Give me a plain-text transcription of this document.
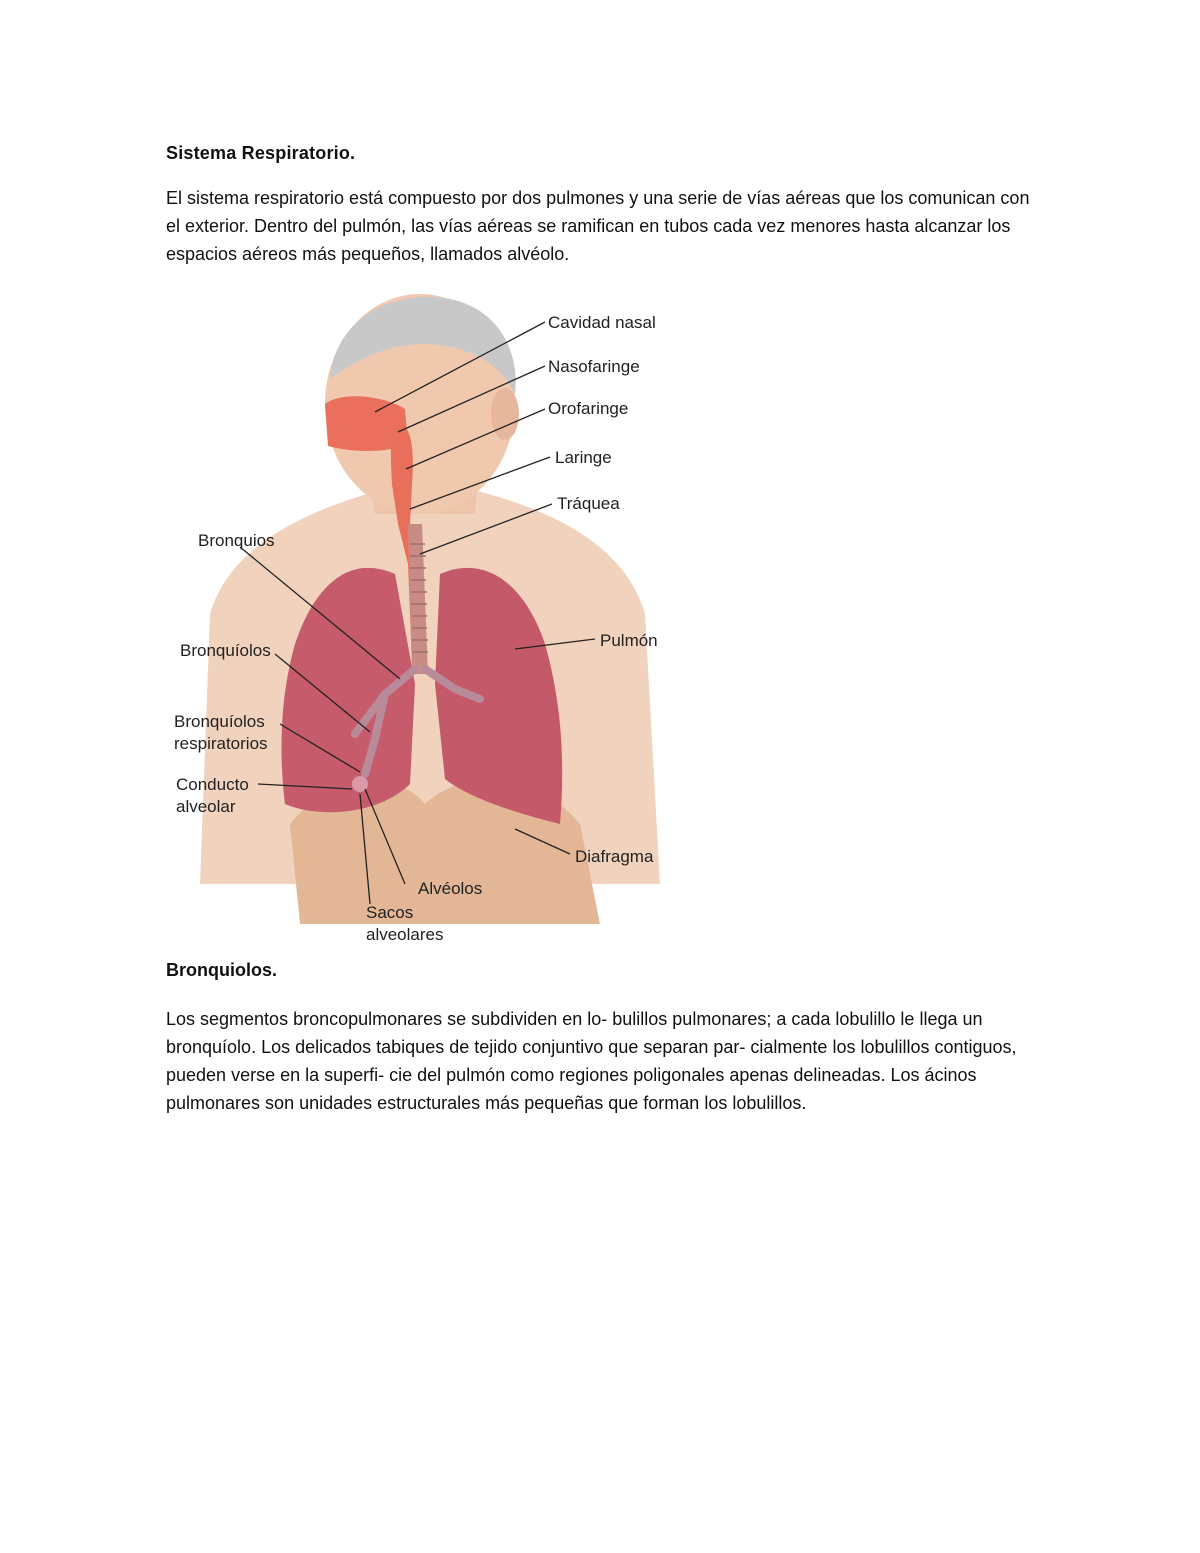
Sistema Respiratorio.

El sistema respiratorio está compuesto por dos pulmones y una serie de vías aéreas que los comunican con el exterior. Dentro del pulmón, las vías aéreas se ramifican en tubos cada vez menores hasta alcanzar los espacios aéreos más pequeños, llamados alvéolo.

Cavidad nasal
Nasofaringe
Orofaringe
Laringe
Tráquea
Bronquios
Pulmón
Bronquíolos
Bronquíolos
respiratorios
Conducto
alveolar
Diafragma
Alvéolos
Sacos
alveolares
Bronquiolos.

Los segmentos broncopulmonares se subdividen en lo- bulillos pulmonares; a cada lobulillo le llega un bronquíolo. Los delicados tabiques de tejido conjuntivo que separan par- cialmente los lobulillos contiguos, pueden verse en la superfi- cie del pulmón como regiones poligonales apenas delineadas. Los ácinos pulmonares son unidades estructurales más pequeñas que forman los lobulillos.
